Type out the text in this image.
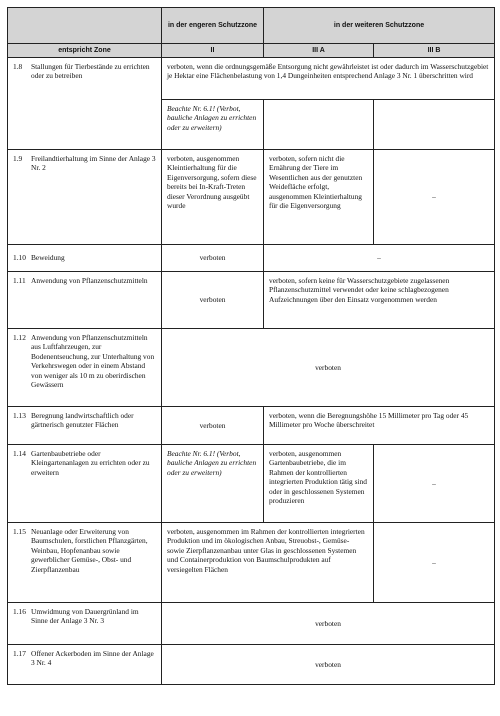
	in der engeren Schutzzone	in der weiteren Schutzzone	
entspricht Zone	II	III A	III B

1.8 Stallungen für Tierbestände zu errichten oder zu betreiben	verboten, wenn die ordnungsgemäße Entsorgung nicht gewährleistet ist oder dadurch im Wasserschutzgebiet je Hektar eine Flächenbelastung von 1,4 Dungeinheiten entsprechend Anlage 3 Nr. 1 überschritten wird		
	Beachte Nr. 6.1! (Verbot, bauliche Anlagen zu errichten oder zu erweitern)		

1.9 Freilandtierhaltung im Sinne der Anlage 3 Nr. 2	verboten, ausgenommen Kleintierhaltung für die Eigenversorgung, sofern diese bereits bei In-Kraft-Treten dieser Verordnung ausgeübt wurde	verboten, sofern nicht die Ernährung der Tiere im Wesentlichen aus der genutzten Weidefläche erfolgt, ausgenommen Kleintierhaltung für die Eigenversorgung	–

1.10 Beweidung	verboten	–	

1.11 Anwendung von Pflanzenschutzmitteln	verboten	verboten, sofern keine für Wasserschutzgebiete zugelassenen Pflanzenschutzmittel verwendet oder keine schlagbezogenen Aufzeichnungen über den Einsatz vorgenommen werden	

1.12 Anwendung von Pflanzenschutzmitteln aus Luftfahrzeugen, zur Bodenentseuchung, zur Unterhaltung von Verkehrswegen oder in einem Abstand von weniger als 10 m zu oberirdischen Gewässern	verboten		

1.13 Beregnung landwirtschaftlich oder gärtnerisch genutzter Flächen	verboten	verboten, wenn die Beregnungshöhe 15 Millimeter pro Tag oder 45 Millimeter pro Woche überschreitet	

1.14 Gartenbaubetriebe oder Kleingartenanlagen zu errichten oder zu erweitern	Beachte Nr. 6.1! (Verbot, bauliche Anlagen zu errichten oder zu erweitern)	verboten, ausgenommen Gartenbaubetriebe, die im Rahmen der kontrollierten integrierten Produktion tätig sind oder in geschlossenen Systemen produzieren	–

1.15 Neuanlage oder Erweiterung von Baumschulen, forstlichen Pflanzgärten, Weinbau, Hopfenanbau sowie gewerblicher Gemüse-, Obst- und Zierpflanzenbau	verboten, ausgenommen im Rahmen der kontrollierten integrierten Produktion und im ökologischen Anbau, Streuobst-, Gemüse- sowie Zierpflanzenanbau unter Glas in geschlossenen Systemen und Containerproduktion von Baumschulprodukten auf versiegelten Flächen		–

1.16 Umwidmung von Dauergrünland im Sinne der Anlage 3 Nr. 3	verboten		

1.17 Offener Ackerboden im Sinne der Anlage 3 Nr. 4	verboten		
